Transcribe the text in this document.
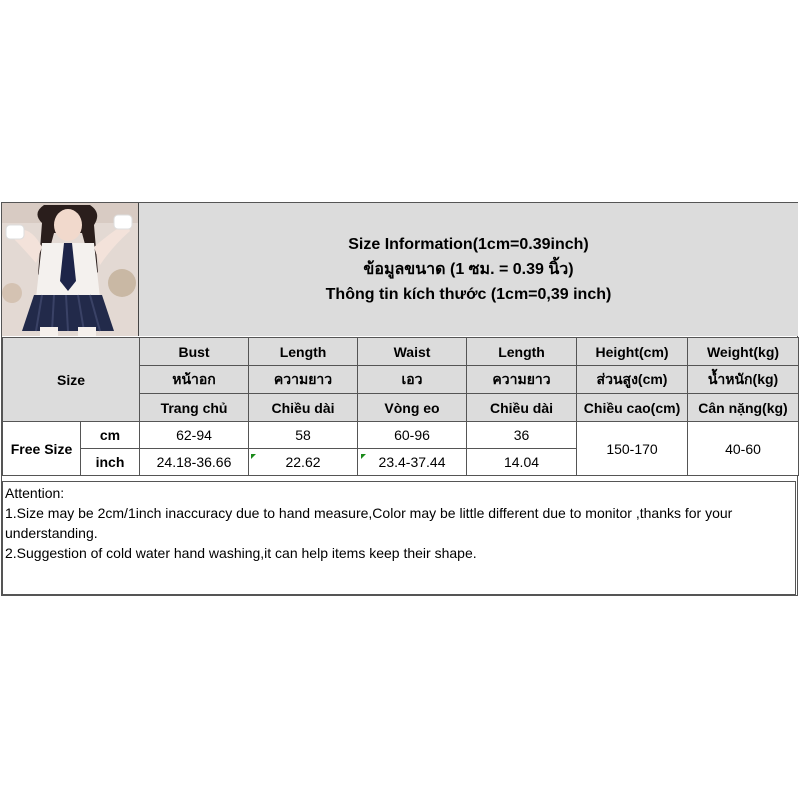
Size Information(1cm=0.39inch)
ข้อมูลขนาด (1 ซม. = 0.39 นิ้ว)
Thông tin kích thước (1cm=0,39 inch)
Size		Bust	Length	Waist	Length	Height(cm)	Weight(kg)
		หน้าอก	ความยาว	เอว	ความยาว	ส่วนสูง(cm)	น้ำหนัก(kg)
		Trang chủ	Chiều dài	Vòng eo	Chiều dài	Chiều cao(cm)	Cân nặng(kg)
Free Size	cm	62-94	58	60-96	36	150-170	40-60
	inch	24.18-36.66	22.62	23.4-37.44	14.04		
Attention:
1.Size may be 2cm/1inch inaccuracy due to hand measure,Color may be little different due to monitor ,thanks for your understanding.
2.Suggestion of cold water hand washing,it can help items keep their shape.
